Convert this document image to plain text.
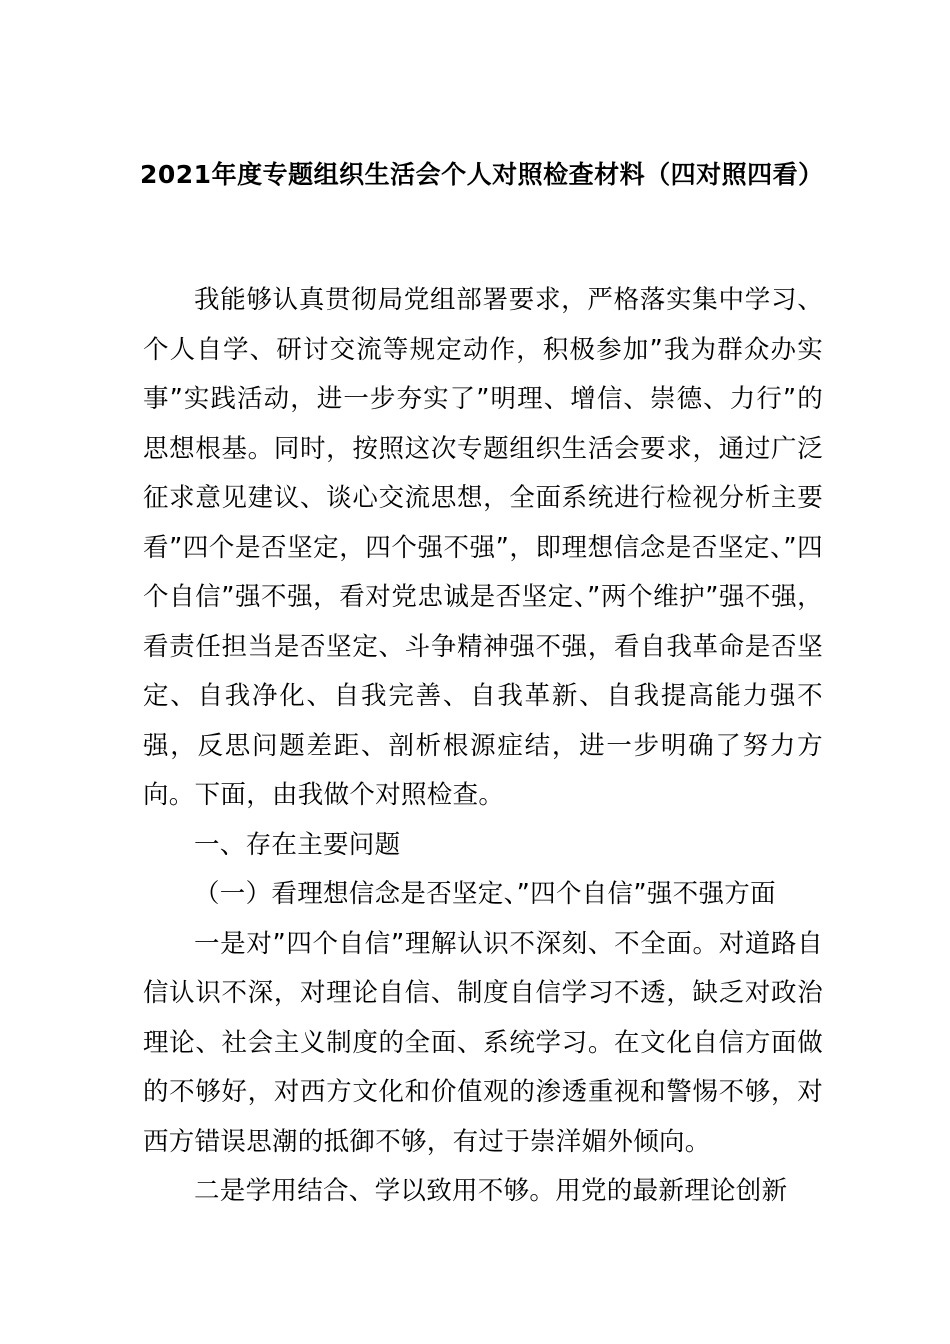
2021年度专题组织生活会个人对照检查材料（四对照四看）

我能够认真贯彻局党组部署要求，严格落实集中学习、个人自学、研讨交流等规定动作，积极参加”我为群众办实事”实践活动，进一步夯实了”明理、增信、崇德、力行”的思想根基。同时，按照这次专题组织生活会要求，通过广泛征求意见建议、谈心交流思想，全面系统进行检视分析主要看”四个是否坚定，四个强不强”，即理想信念是否坚定、”四个自信”强不强，看对党忠诚是否坚定、”两个维护”强不强，看责任担当是否坚定、斗争精神强不强，看自我革命是否坚定、自我净化、自我完善、自我革新、自我提高能力强不强，反思问题差距、剖析根源症结，进一步明确了努力方向。下面，由我做个对照检查。

一、存在主要问题

（一）看理想信念是否坚定、”四个自信”强不强方面

一是对”四个自信”理解认识不深刻、不全面。对道路自信认识不深，对理论自信、制度自信学习不透，缺乏对政治理论、社会主义制度的全面、系统学习。在文化自信方面做的不够好，对西方文化和价值观的渗透重视和警惕不够，对西方错误思潮的抵御不够，有过于崇洋媚外倾向。

二是学用结合、学以致用不够。用党的最新理论创新
